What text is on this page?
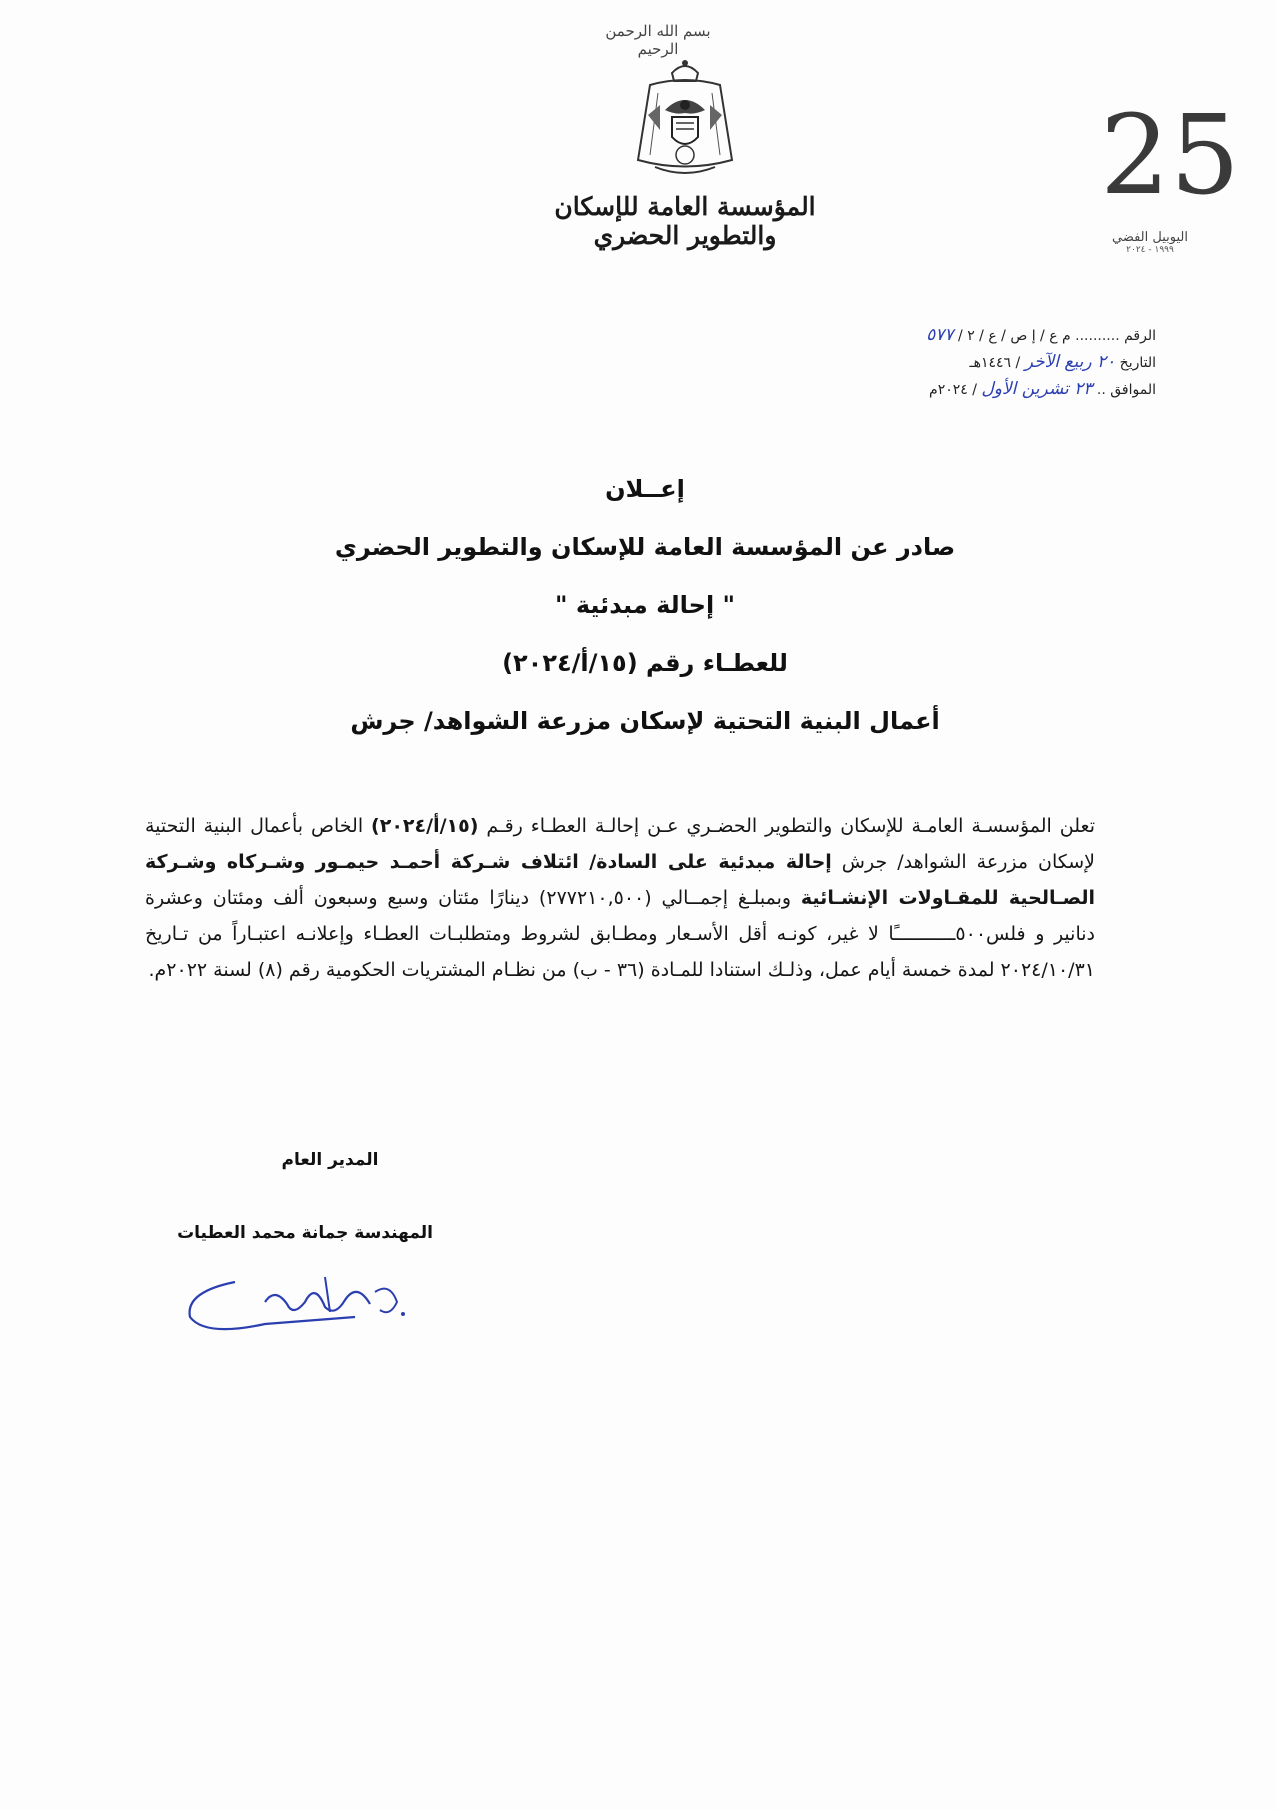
بسم الله الرحمن الرحيم
المؤسسة العامة للإسكان والتطوير الحضري
25
اليوبيل الفضي
١٩٩٩ - ٢٠٢٤
الرقم .......... م ع / إ ص / ع / ٢ / ٥٧٧
التاريخ ٢٠ ربيع الآخر / ١٤٤٦هـ
الموافق .. ٢٣ تشرين الأول / ٢٠٢٤م
إعــلان
صادر عن المؤسسة العامة للإسكان والتطوير الحضري
" إحالة مبدئية "
للعطـاء رقم (١٥/أ/٢٠٢٤)
أعمال البنية التحتية لإسكان مزرعة الشواهد/ جرش
تعلن المؤسسـة العامـة للإسكان والتطوير الحضـري عـن إحالـة العطـاء رقـم (١٥/أ/٢٠٢٤) الخاص بأعمال البنية التحتية لإسكان مزرعة الشواهد/ جرش إحالة مبدئية على السادة/ ائتلاف شـركة أحمـد حيمـور وشـركاه وشـركة الصـالحية للمقـاولات الإنشـائية وبمبلـغ إجمــالي (٢٧٧٢١٠,٥٠٠) دينارًا مئتان وسبع وسبعون ألف ومئتان وعشرة دنانير و فلس٥٠٠ـــــــــــًا لا غير، كونـه أقل الأسـعار ومطـابق لشروط ومتطلبـات العطـاء وإعلانـه اعتبـاراً من تـاريخ ٢٠٢٤/١٠/٣١ لمدة خمسة أيام عمل، وذلـك استنادا للمـادة (٣٦ - ب) من نظـام المشتريات الحكومية رقم (٨) لسنة ٢٠٢٢م.
المدير العام
المهندسة جمانة محمد العطيات
